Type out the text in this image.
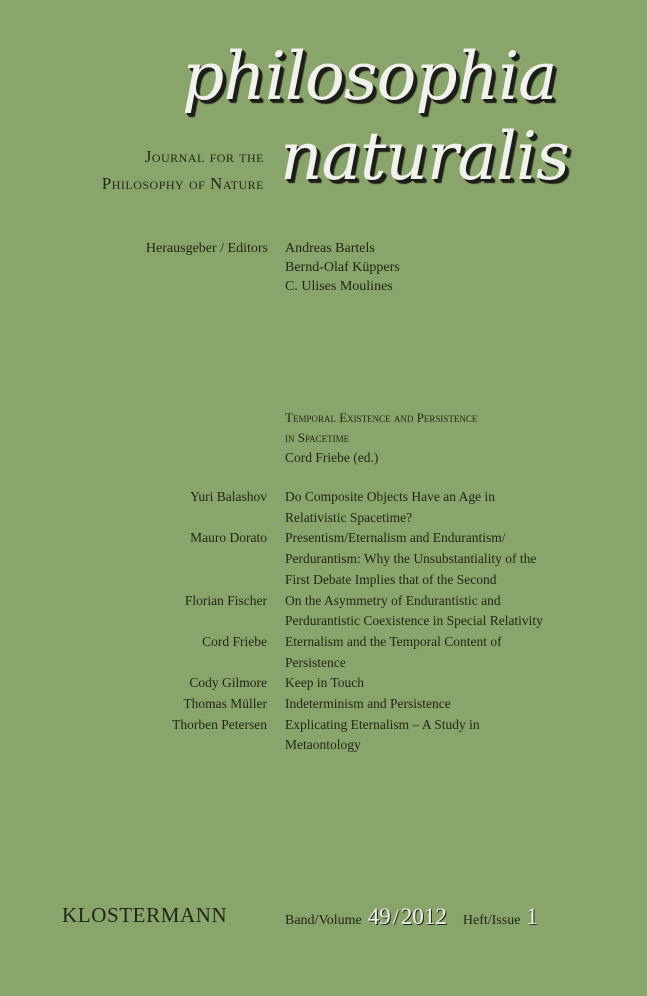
philosophia
naturalis
Journal for the
Philosophy of Nature
Herausgeber / Editors Andreas Bartels
Bernd-Olaf Küppers
C. Ulises Moulines
Temporal Existence and Persistence
in Spacetime
Cord Friebe (ed.)
Yuri Balashov Do Composite Objects Have an Age in
Relativistic Spacetime?
Mauro Dorato Presentism/Eternalism and Endurantism/
Perdurantism: Why the Unsubstantiality of the
First Debate Implies that of the Second
Florian Fischer On the Asymmetry of Endurantistic and
Perdurantistic Coexistence in Special Relativity
Cord Friebe Eternalism and the Temporal Content of
Persistence
Cody Gilmore Keep in Touch
Thomas Müller Indeterminism and Persistence
Thorben Petersen Explicating Eternalism – A Study in
Metaontology
KLOSTERMANN	Band/Volume 49 / 2012 Heft/Issue 1
